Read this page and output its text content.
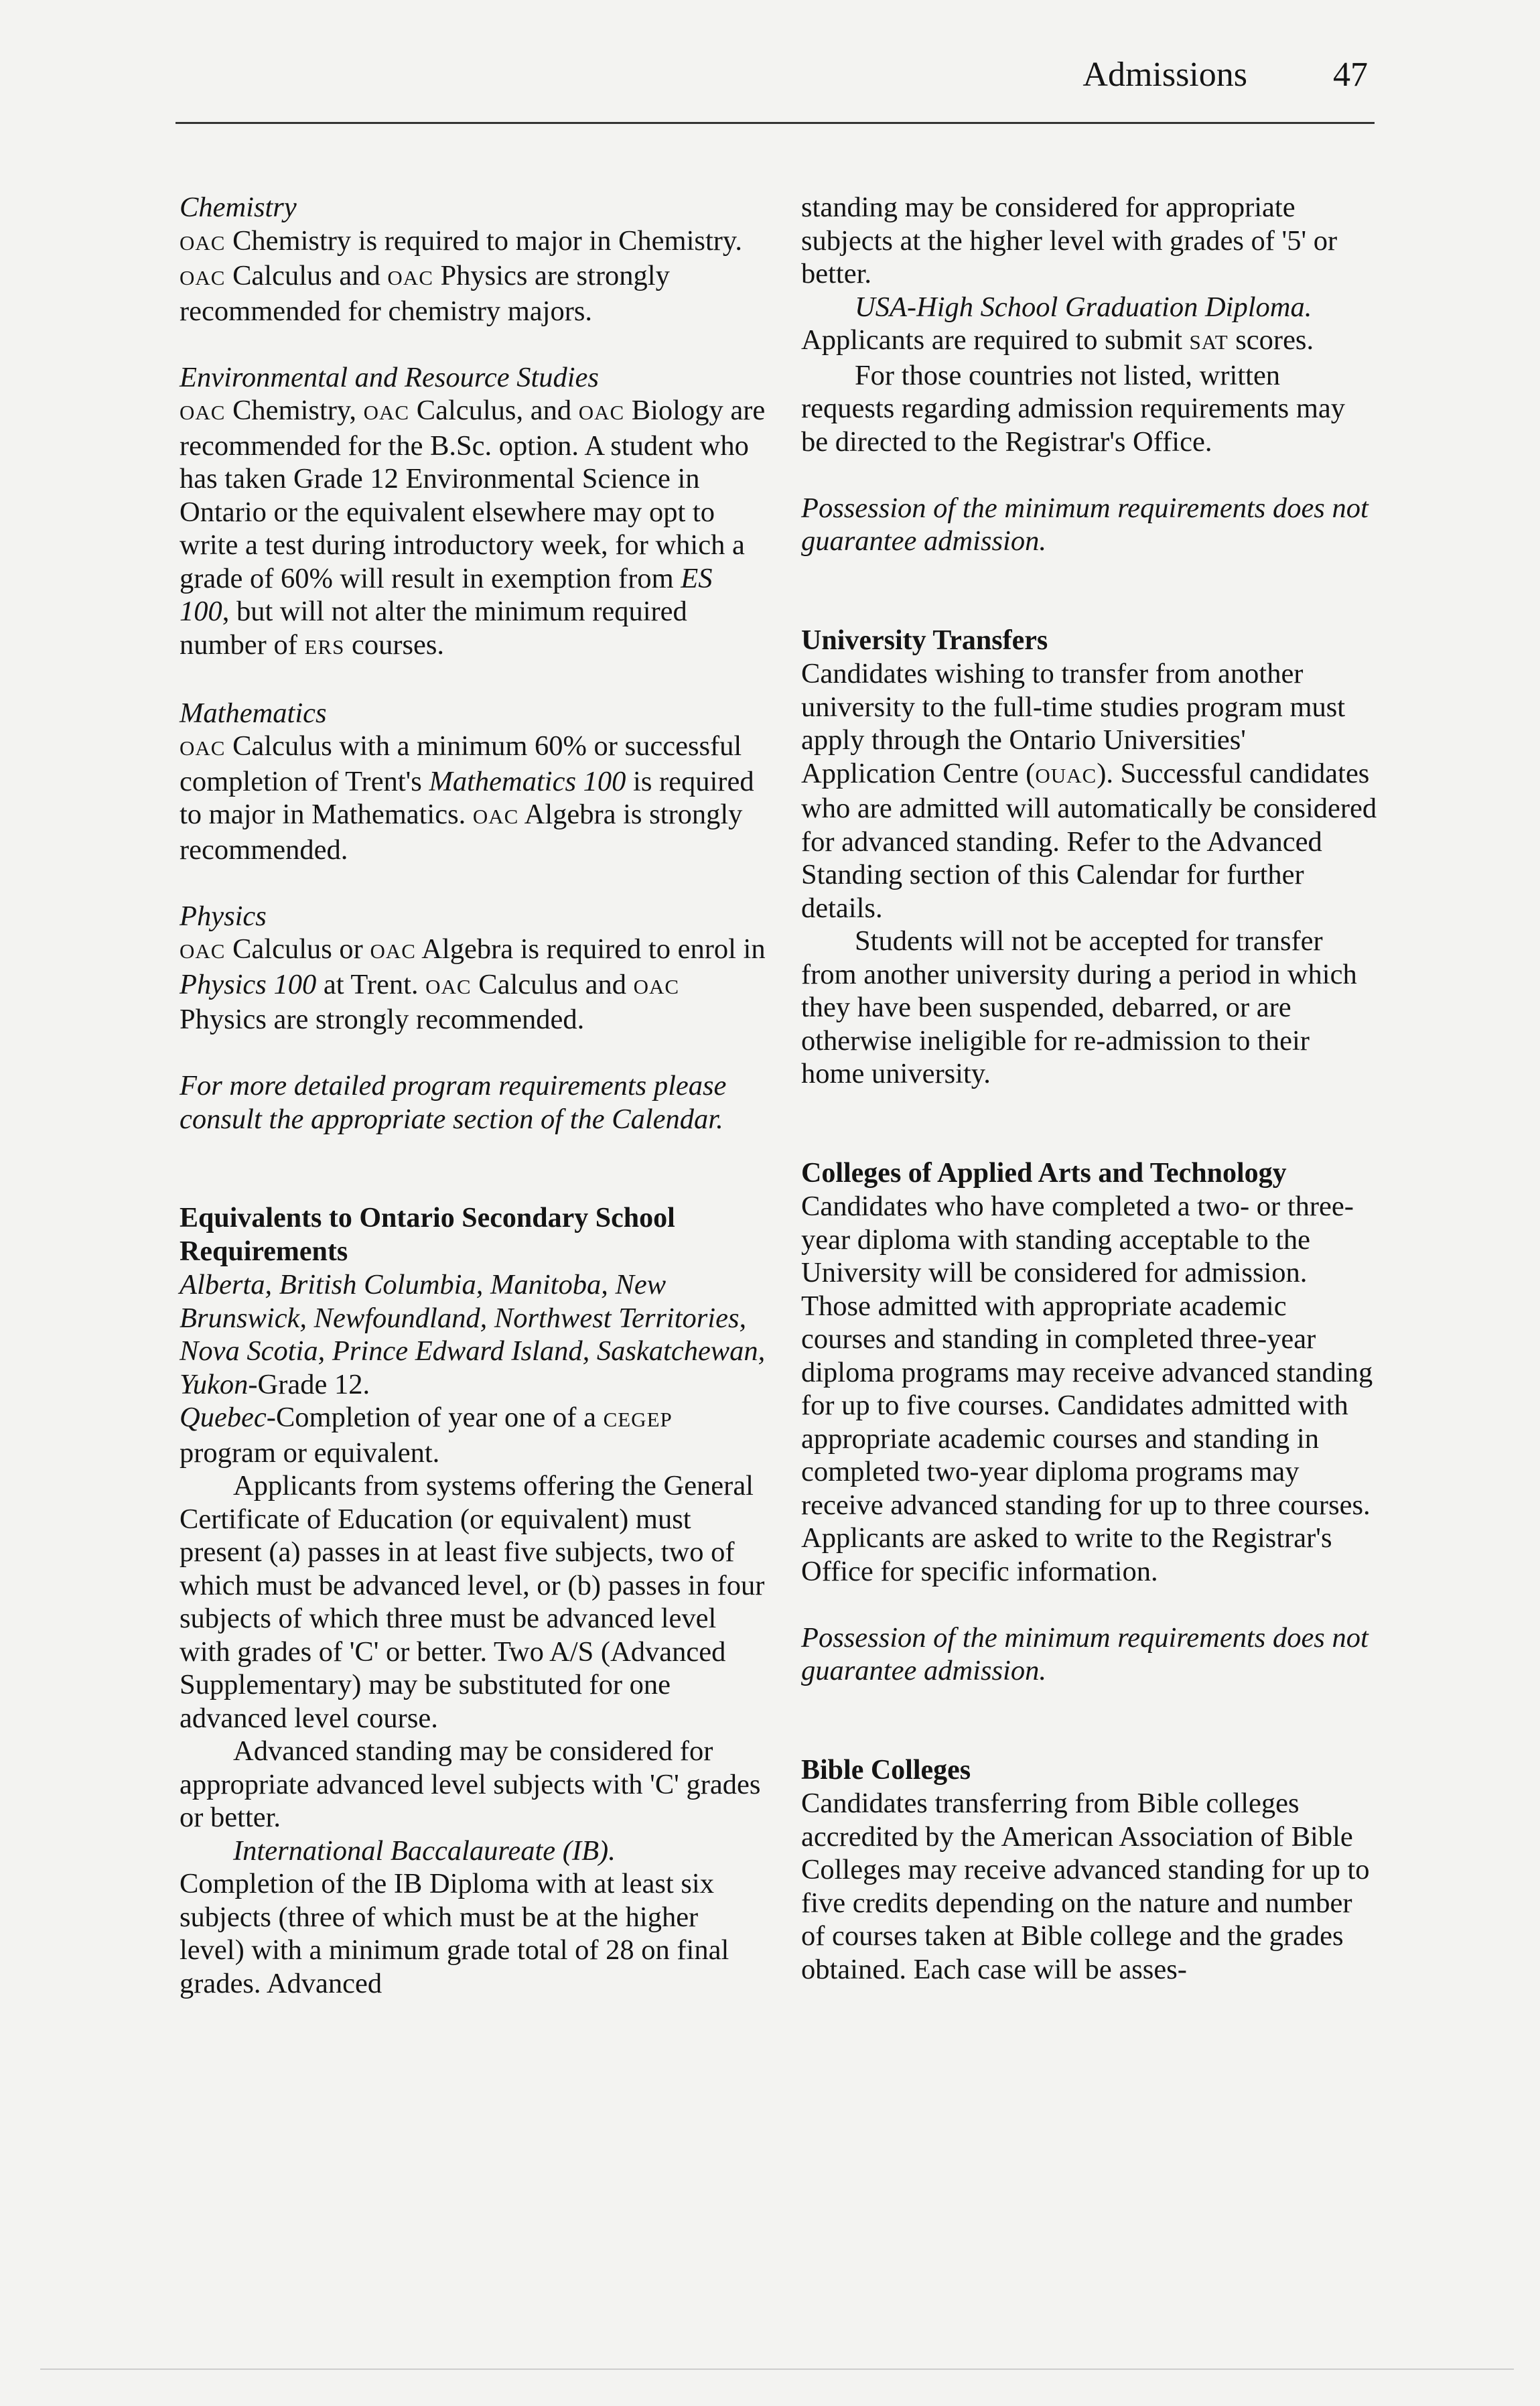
Admissions 47

Chemistry

OAC Chemistry is required to major in Chemistry. OAC Calculus and OAC Physics are strongly recommended for chemistry majors.

Environmental and Resource Studies

OAC Chemistry, OAC Calculus, and OAC Biology are recommended for the B.Sc. option. A student who has taken Grade 12 Environmental Science in Ontario or the equivalent elsewhere may opt to write a test during introductory week, for which a grade of 60% will result in exemption from ES 100, but will not alter the minimum required number of ERS courses.

Mathematics

OAC Calculus with a minimum 60% or successful completion of Trent's Mathematics 100 is required to major in Mathematics. OAC Algebra is strongly recommended.

Physics

OAC Calculus or OAC Algebra is required to enrol in Physics 100 at Trent. OAC Calculus and OAC Physics are strongly recommended.

For more detailed program requirements please consult the appropriate section of the Calendar.

Equivalents to Ontario Secondary School Requirements

Alberta, British Columbia, Manitoba, New Brunswick, Newfoundland, Northwest Territories, Nova Scotia, Prince Edward Island, Saskatchewan, Yukon-Grade 12.

Quebec-Completion of year one of a CEGEP program or equivalent.

Applicants from systems offering the General Certificate of Education (or equivalent) must present (a) passes in at least five subjects, two of which must be advanced level, or (b) passes in four subjects of which three must be advanced level with grades of 'C' or better. Two A/S (Advanced Supplementary) may be substituted for one advanced level course.

Advanced standing may be considered for appropriate advanced level subjects with 'C' grades or better.

International Baccalaureate (IB).

Completion of the IB Diploma with at least six subjects (three of which must be at the higher level) with a minimum grade total of 28 on final grades. Advanced

standing may be considered for appropriate subjects at the higher level with grades of '5' or better.

USA-High School Graduation Diploma.

Applicants are required to submit SAT scores.

For those countries not listed, written requests regarding admission requirements may be directed to the Registrar's Office.

Possession of the minimum requirements does not guarantee admission.

University Transfers

Candidates wishing to transfer from another university to the full-time studies program must apply through the Ontario Universities' Application Centre (OUAC). Successful candidates who are admitted will automatically be considered for advanced standing. Refer to the Advanced Standing section of this Calendar for further details.

Students will not be accepted for transfer from another university during a period in which they have been suspended, debarred, or are otherwise ineligible for re-admission to their home university.

Colleges of Applied Arts and Technology

Candidates who have completed a two- or three-year diploma with standing acceptable to the University will be considered for admission. Those admitted with appropriate academic courses and standing in completed three-year diploma programs may receive advanced standing for up to five courses. Candidates admitted with appropriate academic courses and standing in completed two-year diploma programs may receive advanced standing for up to three courses. Applicants are asked to write to the Registrar's Office for specific information.

Possession of the minimum requirements does not guarantee admission.

Bible Colleges

Candidates transferring from Bible colleges accredited by the American Association of Bible Colleges may receive advanced standing for up to five credits depending on the nature and number of courses taken at Bible college and the grades obtained. Each case will be asses-
